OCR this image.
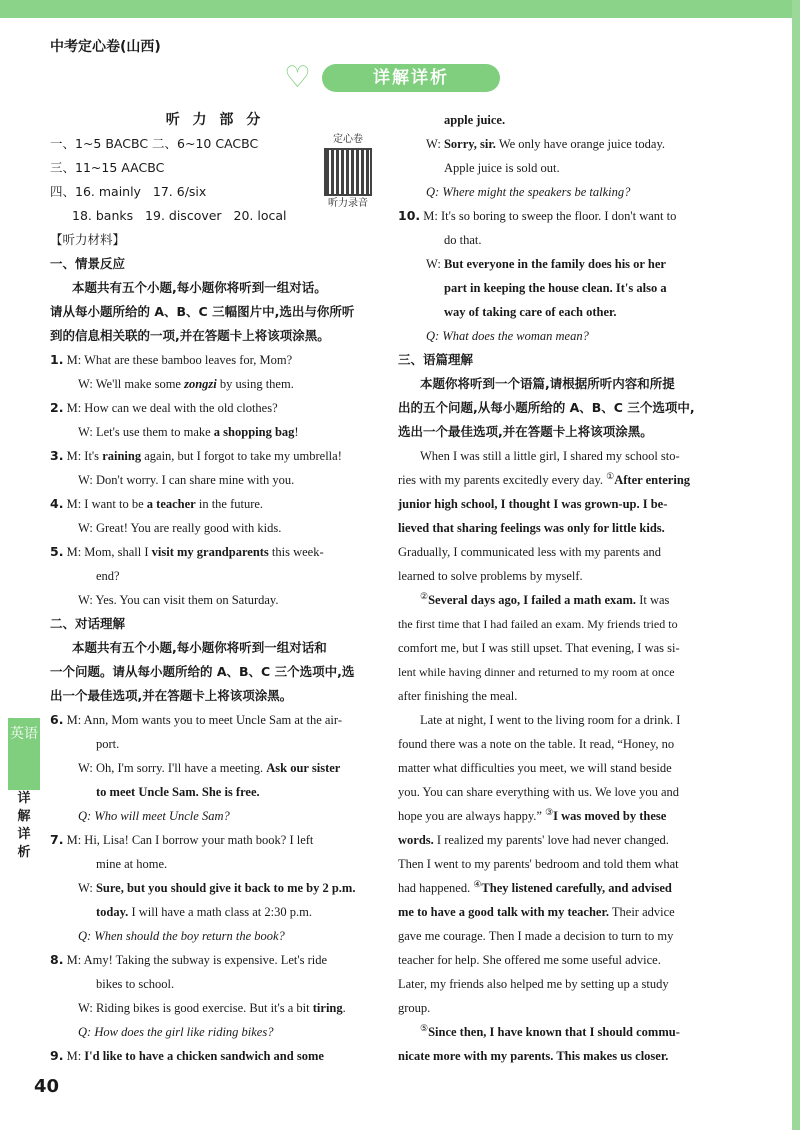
中考定心卷(山西)
♡	详解详析
定心卷
听力录音
听 力 部 分
一、1~5 BACBC 二、6~10 CACBC
三、11~15 AACBC
四、16. mainly 17. 6/six
18. banks 19. discover 20. local
【听力材料】
一、情景反应
本题共有五个小题,每小题你将听到一组对话。
请从每小题所给的 A、B、C 三幅图片中,选出与你所听
到的信息相关联的一项,并在答题卡上将该项涂黑。
1. M: What are these bamboo leaves for, Mom?
W: We'll make some zongzi by using them.
2. M: How can we deal with the old clothes?
W: Let's use them to make a shopping bag!
3. M: It's raining again, but I forgot to take my umbrella!
W: Don't worry. I can share mine with you.
4. M: I want to be a teacher in the future.
W: Great! You are really good with kids.
5. M: Mom, shall I visit my grandparents this week-
end?
W: Yes. You can visit them on Saturday.
二、对话理解
本题共有五个小题,每小题你将听到一组对话和
一个问题。请从每小题所给的 A、B、C 三个选项中,选
出一个最佳选项,并在答题卡上将该项涂黑。
6. M: Ann, Mom wants you to meet Uncle Sam at the air-
port.
W: Oh, I'm sorry. I'll have a meeting. Ask our sister
to meet Uncle Sam. She is free.
Q: Who will meet Uncle Sam?
7. M: Hi, Lisa! Can I borrow your math book? I left
mine at home.
W: Sure, but you should give it back to me by 2 p.m.
today. I will have a math class at 2:30 p.m.
Q: When should the boy return the book?
8. M: Amy! Taking the subway is expensive. Let's ride
bikes to school.
W: Riding bikes is good exercise. But it's a bit tiring.
Q: How does the girl like riding bikes?
9. M: I'd like to have a chicken sandwich and some
apple juice.
W: Sorry, sir. We only have orange juice today.
Apple juice is sold out.
Q: Where might the speakers be talking?
10. M: It's so boring to sweep the floor. I don't want to
do that.
W: But everyone in the family does his or her
part in keeping the house clean. It's also a
way of taking care of each other.
Q: What does the woman mean?
三、语篇理解
本题你将听到一个语篇,请根据所听内容和所提
出的五个问题,从每小题所给的 A、B、C 三个选项中,
选出一个最佳选项,并在答题卡上将该项涂黑。
When I was still a little girl, I shared my school sto-
ries with my parents excitedly every day. ①After entering
junior high school, I thought I was grown-up. I be-
lieved that sharing feelings was only for little kids.
Gradually, I communicated less with my parents and
learned to solve problems by myself.
②Several days ago, I failed a math exam. It was
the first time that I had failed an exam. My friends tried to
comfort me, but I was still upset. That evening, I was si-
lent while having dinner and returned to my room at once
after finishing the meal.
Late at night, I went to the living room for a drink. I
found there was a note on the table. It read, “Honey, no
matter what difficulties you meet, we will stand beside
you. You can share everything with us. We love you and
hope you are always happy.” ③I was moved by these
words. I realized my parents' love had never changed.
Then I went to my parents' bedroom and told them what
had happened. ④They listened carefully, and advised
me to have a good talk with my teacher. Their advice
gave me courage. Then I made a decision to turn to my
teacher for help. She offered me some useful advice.
Later, my friends also helped me by setting up a study
group.
⑤Since then, I have known that I should commu-
nicate more with my parents. This makes us closer.
英语
详解详析
40
